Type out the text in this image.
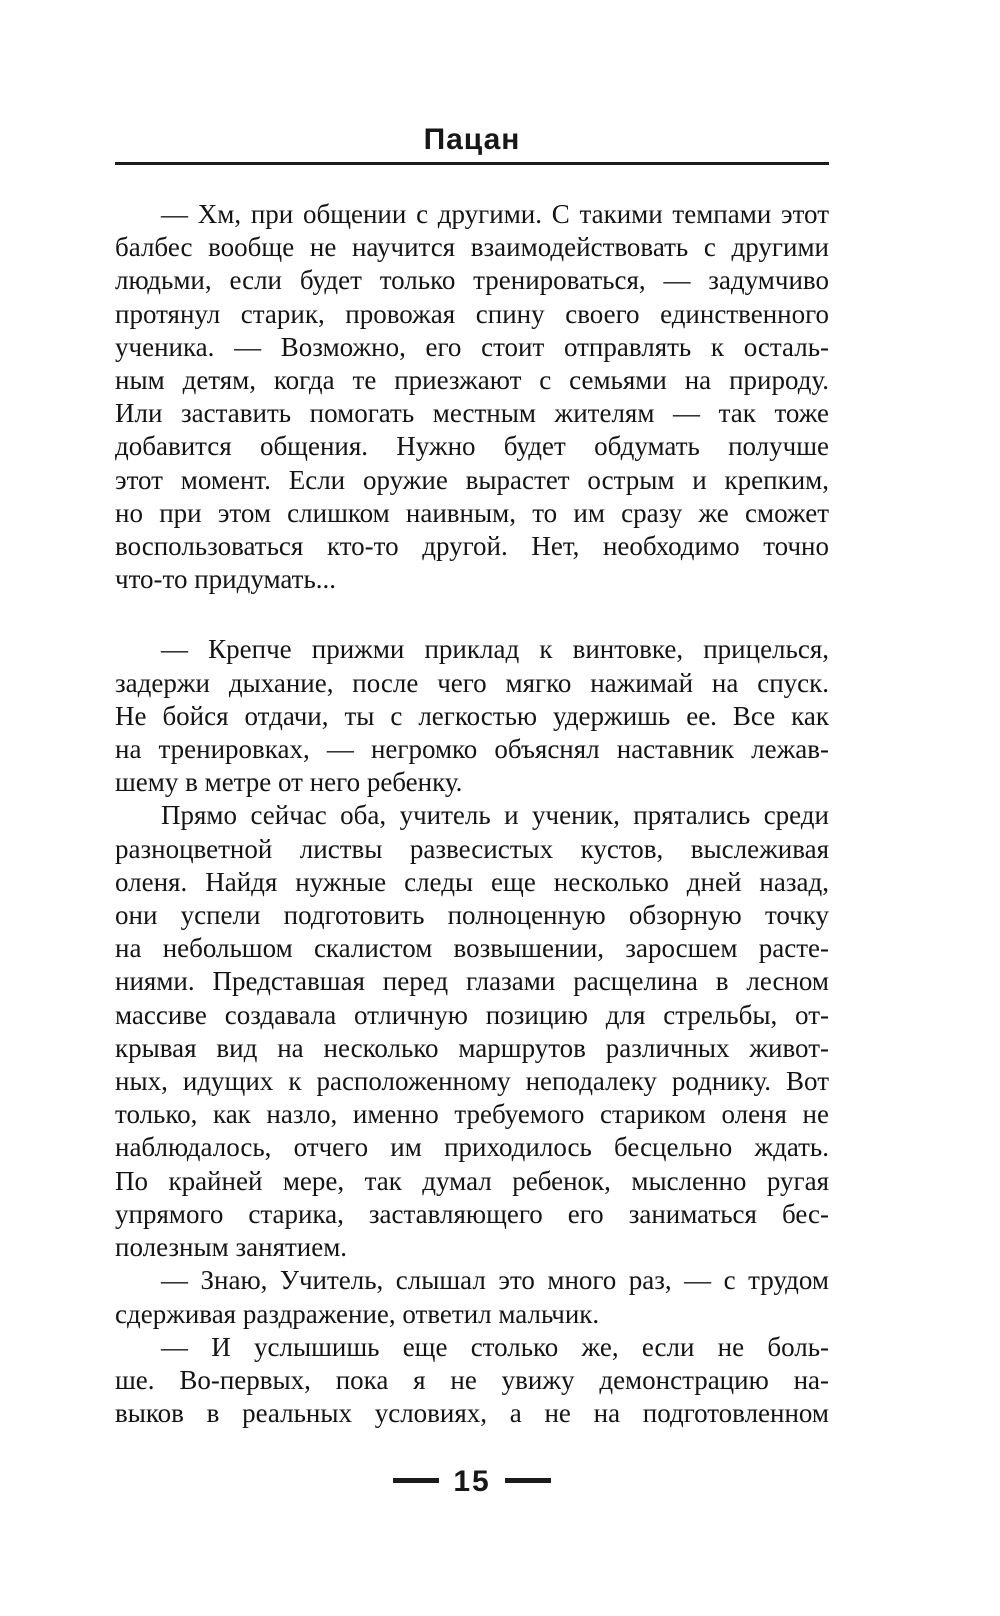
Пацан
— Хм, при общении с другими. С такими темпами этот
балбес вообще не научится взаимодействовать с другими
людьми, если будет только тренироваться, — задумчиво
протянул старик, провожая спину своего единственного
ученика. — Возможно, его стоит отправлять к осталь-
ным детям, когда те приезжают с семьями на природу.
Или заставить помогать местным жителям — так тоже
добавится общения. Нужно будет обдумать получше
этот момент. Если оружие вырастет острым и крепким,
но при этом слишком наивным, то им сразу же сможет
воспользоваться кто-то другой. Нет, необходимо точно
что-то придумать...
— Крепче прижми приклад к винтовке, прицелься,
задержи дыхание, после чего мягко нажимай на спуск.
Не бойся отдачи, ты с легкостью удержишь ее. Все как
на тренировках, — негромко объяснял наставник лежав-
шему в метре от него ребенку.
Прямо сейчас оба, учитель и ученик, прятались среди
разноцветной листвы развесистых кустов, выслеживая
оленя. Найдя нужные следы еще несколько дней назад,
они успели подготовить полноценную обзорную точку
на небольшом скалистом возвышении, заросшем расте-
ниями. Представшая перед глазами расщелина в лесном
массиве создавала отличную позицию для стрельбы, от-
крывая вид на несколько маршрутов различных живот-
ных, идущих к расположенному неподалеку роднику. Вот
только, как назло, именно требуемого стариком оленя не
наблюдалось, отчего им приходилось бесцельно ждать.
По крайней мере, так думал ребенок, мысленно ругая
упрямого старика, заставляющего его заниматься бес-
полезным занятием.
— Знаю, Учитель, слышал это много раз, — с трудом
сдерживая раздражение, ответил мальчик.
— И услышишь еще столько же, если не боль-
ше. Во-первых, пока я не увижу демонстрацию на-
выков в реальных условиях, а не на подготовленном
15
